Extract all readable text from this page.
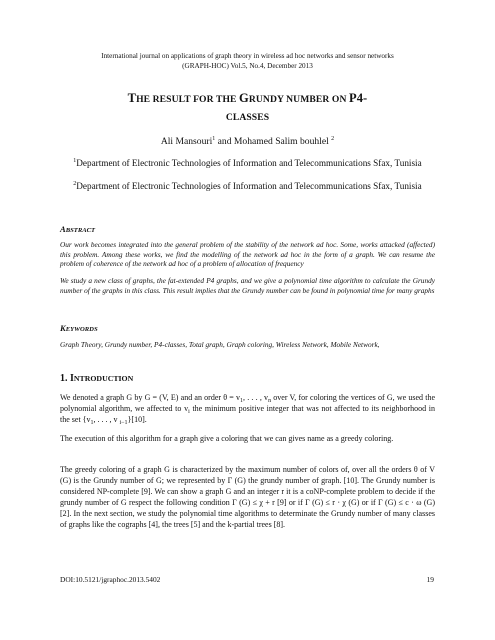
International journal on applications of graph theory in wireless ad hoc networks and sensor networks
(GRAPH-HOC) Vol.5, No.4, December 2013
THE RESULT FOR THE GRUNDY NUMBER ON P4-
CLASSES
Ali Mansouri$^1$ and Mohamed Salim bouhlel $^2$
$^1$Department of Electronic Technologies of Information and Telecommunications Sfax, Tunisia
$^2$Department of Electronic Technologies of Information and Telecommunications Sfax, Tunisia
ABSTRACT
Our work becomes integrated into the general problem of the stability of the network ad hoc. Some, works attacked (affected) this problem. Among these works, we find the modelling of the network ad hoc in the form of a graph. We can resume the problem of coherence of the network ad hoc of a problem of allocation of frequency
We study a new class of graphs, the fat-extended P4 graphs, and we give a polynomial time algorithm to calculate the Grundy number of the graphs in this class. This result implies that the Grundy number can be found in polynomial time for many graphs
KEYWORDS
Graph Theory, Grundy number, P4-classes, Total graph, Graph coloring, Wireless Network, Mobile Network,
1. INTRODUCTION
We denoted a graph G by G = (V, E) and an order $\theta = v_1$, . . . , $v_n$ over V, for coloring the vertices of G, we used the polynomial algorithm, we affected to $v_i$ the minimum positive integer that was not affected to its neighborhood in the set {$v_1$, . . . , v $_{i-1}$}[10].
The execution of this algorithm for a graph give a coloring that we can gives name as a greedy coloring.
The greedy coloring of a graph G is characterized by the maximum number of colors of, over all the orders θ of V (G) is the Grundy number of G; we represented by Γ (G) the grundy number of graph. [10]. The Grundy number is considered NP-complete [9]. We can show a graph G and an integer r it is a coNP-complete problem to decide if the grundy number of G respect the following condition Γ (G) ≤ χ + r [9] or if Γ (G) ≤ r ⋅ χ (G) or if Γ (G) ≤ c ⋅ ω (G) [2]. In the next section, we study the polynomial time algorithms to determinate the Grundy number of many classes of graphs like the cographs [4], the trees [5] and the k-partial trees [8].
DOI:10.5121/jgraphoc.2013.5402	19
